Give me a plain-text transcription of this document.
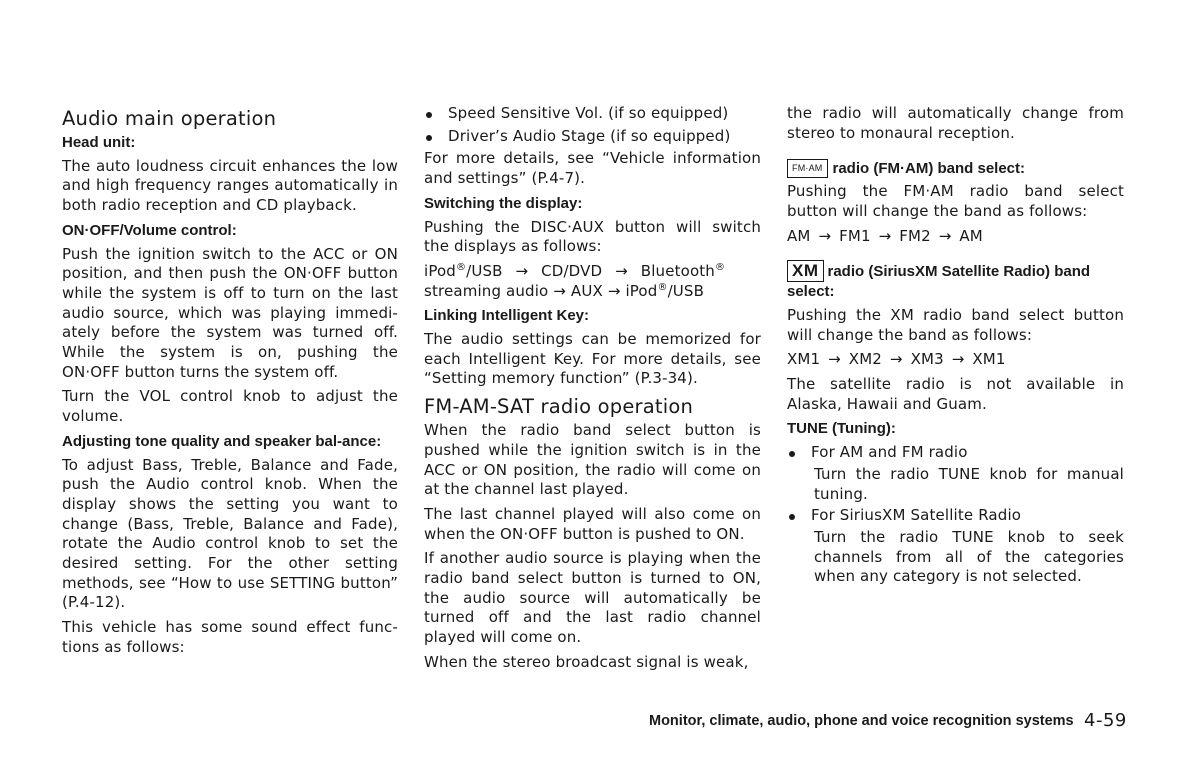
Audio main operation
Head unit:

The auto loudness circuit enhances the low and high frequency ranges automatically in both radio reception and CD playback.

ON·OFF/Volume control:

Push the ignition switch to the ACC or ON position, and then push the ON·OFF button while the system is off to turn on the last audio source, which was playing immedi-ately before the system was turned off. While the system is on, pushing the ON·OFF button turns the system off.

Turn the VOL control knob to adjust the volume.

Adjusting tone quality and speaker bal-ance:

To adjust Bass, Treble, Balance and Fade, push the Audio control knob. When the display shows the setting you want to change (Bass, Treble, Balance and Fade), rotate the Audio control knob to set the desired setting. For the other setting methods, see “How to use SETTING button” (P.4-12).

This vehicle has some sound effect func-tions as follows:

Speed Sensitive Vol. (if so equipped)
Driver’s Audio Stage (if so equipped)

For more details, see “Vehicle information and settings” (P.4-7).

Switching the display:

Pushing the DISC·AUX button will switch the displays as follows:

iPod®/USB → CD/DVD → Bluetooth®
streaming audio → AUX → iPod®/USB

Linking Intelligent Key:

The audio settings can be memorized for each Intelligent Key. For more details, see “Setting memory function” (P.3-34).

FM-AM-SAT radio operation

When the radio band select button is pushed while the ignition switch is in the ACC or ON position, the radio will come on at the channel last played.

The last channel played will also come on when the ON·OFF button is pushed to ON.

If another audio source is playing when the radio band select button is turned to ON, the audio source will automatically be turned off and the last radio channel played will come on.

When the stereo broadcast signal is weak,

the radio will automatically change from stereo to monaural reception.

FM·AM radio (FM·AM) band select:

Pushing the FM·AM radio band select button will change the band as follows:

AM → FM1 → FM2 → AM

XM radio (SiriusXM Satellite Radio) band select:

Pushing the XM radio band select button will change the band as follows:

XM1 → XM2 → XM3 → XM1

The satellite radio is not available in Alaska, Hawaii and Guam.

TUNE (Tuning):
For AM and FM radio

Turn the radio TUNE knob for manual tuning.

For SiriusXM Satellite Radio

Turn the radio TUNE knob to seek channels from all of the categories when any category is not selected.

Monitor, climate, audio, phone and voice recognition systems 4-59
